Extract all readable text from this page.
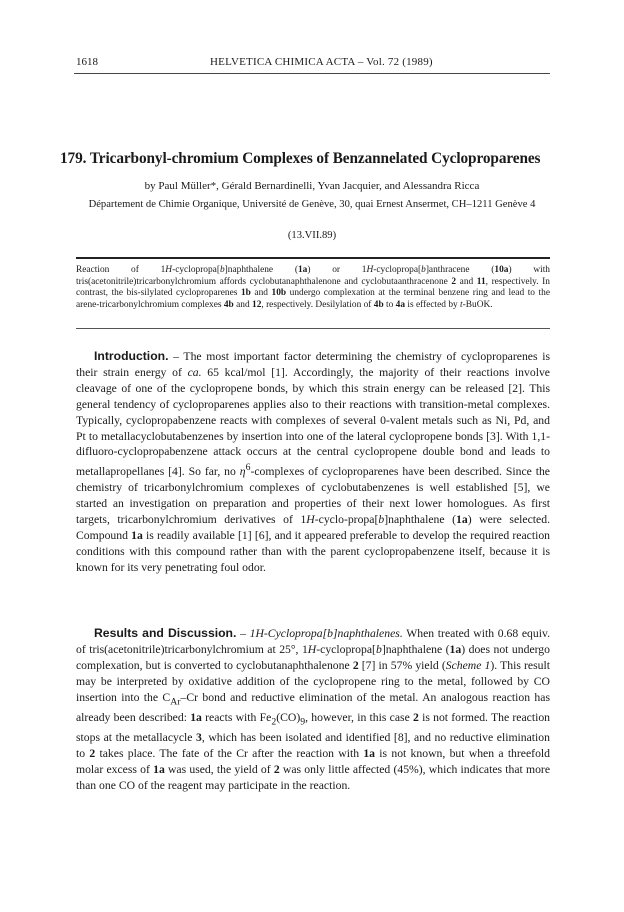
1618	HELVETICA CHIMICA ACTA – Vol. 72 (1989)
179. Tricarbonyl-chromium Complexes of Benzannelated Cycloproparenes
by Paul Müller*, Gérald Bernardinelli, Yvan Jacquier, and Alessandra Ricca
Département de Chimie Organique, Université de Genève, 30, quai Ernest Ansermet, CH–1211 Genève 4
(13.VII.89)

Reaction of 1H-cyclopropa[b]naphthalene (1a) or 1H-cyclopropa[b]anthracene (10a) with tris(acetonitrile)tricarbonylchromium affords cyclobutanaphthalenone and cyclobutaanthracenone 2 and 11, respectively. In contrast, the bis-silylated cycloproparenes 1b and 10b undergo complexation at the terminal benzene ring and lead to the arene-tricarbonylchromium complexes 4b and 12, respectively. Desilylation of 4b to 4a is effected by t-BuOK.

Introduction. – The most important factor determining the chemistry of cycloproparenes is their strain energy of ca. 65 kcal/mol [1]. Accordingly, the majority of their reactions involve cleavage of one of the cyclopropene bonds, by which this strain energy can be released [2]. This general tendency of cycloproparenes applies also to their reactions with transition-metal complexes. Typically, cyclopropabenzene reacts with complexes of several 0-valent metals such as Ni, Pd, and Pt to metallacyclobutabenzenes by insertion into one of the lateral cyclopropene bonds [3]. With 1,1-difluoro-cyclopropabenzene attack occurs at the central cyclopropene double bond and leads to metallapropellanes [4]. So far, no $\eta^6$-complexes of cycloproparenes have been described. Since the chemistry of tricarbonylchromium complexes of cyclobutabenzenes is well established [5], we started an investigation on preparation and properties of their next lower homologues. As first targets, tricarbonylchromium derivatives of 1H-cyclo-propa[b]naphthalene (1a) were selected. Compound 1a is readily available [1] [6], and it appeared preferable to develop the required reaction conditions with this compound rather than with the parent cyclopropabenzene itself, because it is known for its very penetrating foul odor.

Results and Discussion. – 1H-Cyclopropa[b]naphthalenes. When treated with 0.68 equiv. of tris(acetonitrile)tricarbonylchromium at 25°, 1H-cyclopropa[b]naphthalene (1a) does not undergo complexation, but is converted to cyclobutanaphthalenone 2 [7] in 57% yield (Scheme 1). This result may be interpreted by oxidative addition of the cyclopropene ring to the metal, followed by CO insertion into the $C_{Ar}-Cr$ bond and reductive elimination of the metal. An analogous reaction has already been described: 1a reacts with $Fe_2(CO)_9$, however, in this case 2 is not formed. The reaction stops at the metallacycle 3, which has been isolated and identified [8], and no reductive elimination to 2 takes place. The fate of the Cr after the reaction with 1a is not known, but when a threefold molar excess of 1a was used, the yield of 2 was only little affected (45%), which indicates that more than one CO of the reagent may participate in the reaction.
